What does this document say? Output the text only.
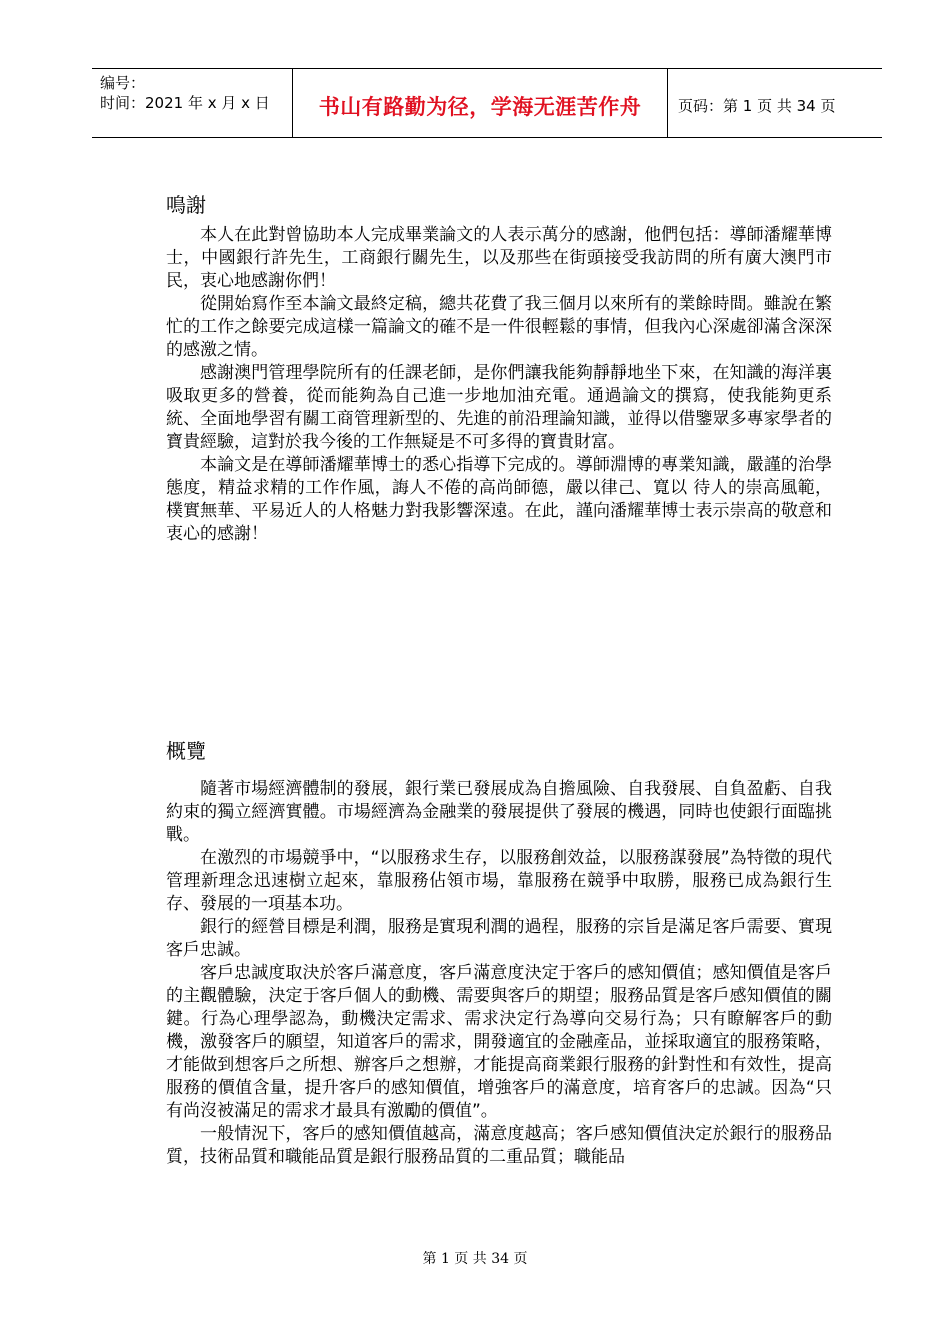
编号：
时间：2021 年 x 月 x 日	书山有路勤为径，学海无涯苦作舟	页码：第 1 页 共 34 页
鳴謝

本人在此對曾協助本人完成畢業論文的人表示萬分的感謝，他們包括：導師潘耀華博士，中國銀行許先生，工商銀行關先生，以及那些在街頭接受我訪問的所有廣大澳門市民，衷心地感謝你們！

從開始寫作至本論文最終定稿，總共花費了我三個月以來所有的業餘時間。雖說在繁忙的工作之餘要完成這樣一篇論文的確不是一件很輕鬆的事情，但我內心深處卻滿含深深的感激之情。

感謝澳門管理學院所有的任課老師，是你們讓我能夠靜靜地坐下來，在知識的海洋裏吸取更多的營養，從而能夠為自己進一步地加油充電。通過論文的撰寫，使我能夠更系統、全面地學習有關工商管理新型的、先進的前沿理論知識，並得以借鑒眾多專家學者的寶貴經驗，這對於我今後的工作無疑是不可多得的寶貴財富。

本論文是在導師潘耀華博士的悉心指導下完成的。導師淵博的專業知識，嚴謹的治學態度，精益求精的工作作風，誨人不倦的高尚師德，嚴以律己、寬以 待人的崇高風範，樸實無華、平易近人的人格魅力對我影響深遠。在此，謹向潘耀華博士表示崇高的敬意和衷心的感謝！

概覽

隨著市場經濟體制的發展，銀行業已發展成為自擔風險、自我發展、自負盈虧、自我約束的獨立經濟實體。市場經濟為金融業的發展提供了發展的機遇，同時也使銀行面臨挑戰。

在激烈的市場競爭中，“以服務求生存，以服務創效益，以服務謀發展”為特徵的現代管理新理念迅速樹立起來，靠服務佔領市場，靠服務在競爭中取勝，服務已成為銀行生存、發展的一項基本功。

銀行的經營目標是利潤，服務是實現利潤的過程，服務的宗旨是滿足客戶需要、實現客戶忠誠。

客戶忠誠度取決於客戶滿意度，客戶滿意度決定于客戶的感知價值；感知價值是客戶的主觀體驗，決定于客戶個人的動機、需要與客戶的期望；服務品質是客戶感知價值的關鍵。行為心理學認為，動機決定需求、需求決定行為導向交易行為；只有瞭解客戶的動機，激發客戶的願望，知道客戶的需求，開發適宜的金融產品，並採取適宜的服務策略，才能做到想客戶之所想、辦客戶之想辦，才能提高商業銀行服務的針對性和有效性，提高服務的價值含量，提升客戶的感知價值，增強客戶的滿意度，培育客戶的忠誠。因為“只有尚沒被滿足的需求才最具有激勵的價值”。

一般情況下，客戶的感知價值越高，滿意度越高；客戶感知價值決定於銀行的服務品質，技術品質和職能品質是銀行服務品質的二重品質；職能品

第 1 页 共 34 页
